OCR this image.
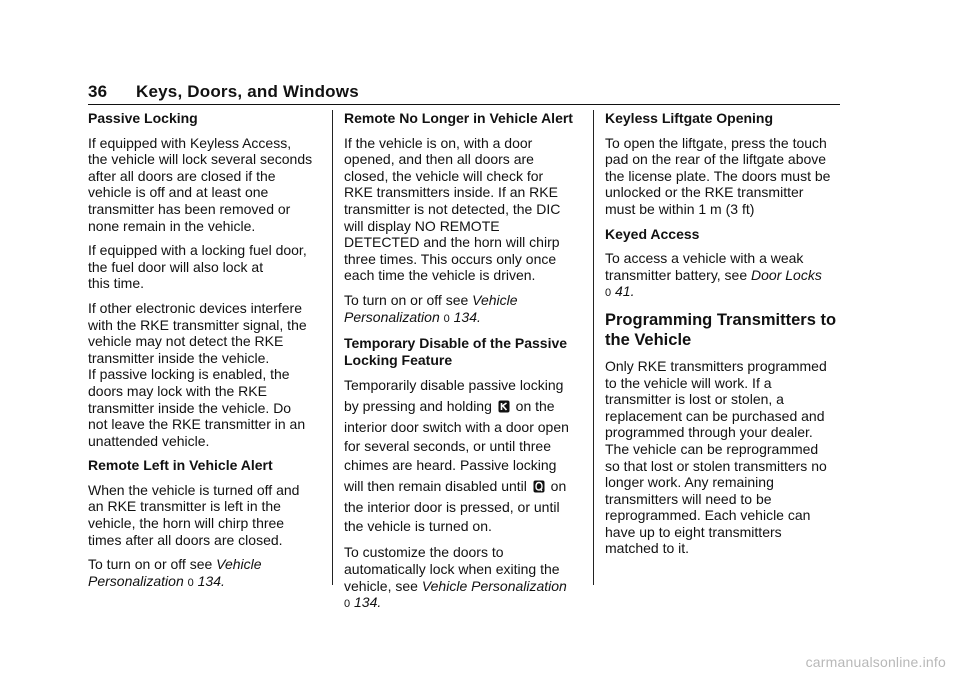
36 Keys, Doors, and Windows
Passive Locking

If equipped with Keyless Access,
the vehicle will lock several seconds
after all doors are closed if the
vehicle is off and at least one
transmitter has been removed or
none remain in the vehicle.

If equipped with a locking fuel door,
the fuel door will also lock at
this time.

If other electronic devices interfere
with the RKE transmitter signal, the
vehicle may not detect the RKE
transmitter inside the vehicle.
If passive locking is enabled, the
doors may lock with the RKE
transmitter inside the vehicle. Do
not leave the RKE transmitter in an
unattended vehicle.

Remote Left in Vehicle Alert

When the vehicle is turned off and
an RKE transmitter is left in the
vehicle, the horn will chirp three
times after all doors are closed.

To turn on or off see Vehicle
Personalization 0 134.

Remote No Longer in Vehicle Alert

If the vehicle is on, with a door
opened, and then all doors are
closed, the vehicle will check for
RKE transmitters inside. If an RKE
transmitter is not detected, the DIC
will display NO REMOTE
DETECTED and the horn will chirp
three times. This occurs only once
each time the vehicle is driven.

To turn on or off see Vehicle
Personalization 0 134.

Temporary Disable of the Passive
Locking Feature

Temporarily disable passive locking
by pressing and holding  on the
interior door switch with a door open
for several seconds, or until three
chimes are heard. Passive locking
will then remain disabled until  on
the interior door is pressed, or until
the vehicle is turned on.

To customize the doors to
automatically lock when exiting the
vehicle, see Vehicle Personalization
0 134.

Keyless Liftgate Opening

To open the liftgate, press the touch
pad on the rear of the liftgate above
the license plate. The doors must be
unlocked or the RKE transmitter
must be within 1 m (3 ft)

Keyed Access

To access a vehicle with a weak
transmitter battery, see Door Locks
0 41.

Programming Transmitters to
the Vehicle

Only RKE transmitters programmed
to the vehicle will work. If a
transmitter is lost or stolen, a
replacement can be purchased and
programmed through your dealer.
The vehicle can be reprogrammed
so that lost or stolen transmitters no
longer work. Any remaining
transmitters will need to be
reprogrammed. Each vehicle can
have up to eight transmitters
matched to it.

carmanualsonline.info
